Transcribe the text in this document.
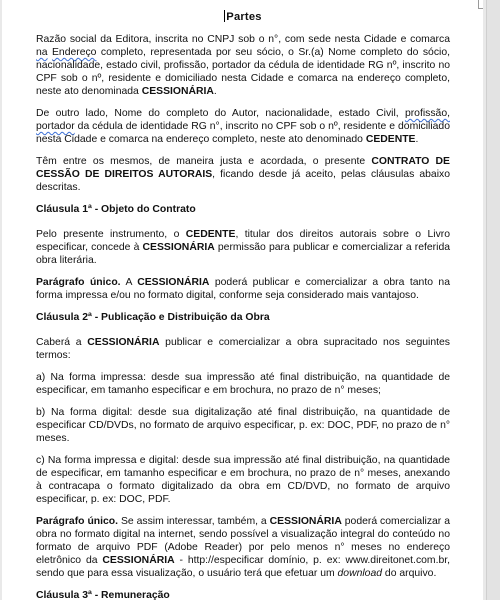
Partes

Razão social da Editora, inscrita no CNPJ sob o n°, com sede nesta Cidade e comarca na Endereço completo, representada por seu sócio, o Sr.(a) Nome completo do sócio, nacionalidade, estado civil, profissão, portador da cédula de identidade RG nº, inscrito no CPF sob o nº, residente e domiciliado nesta Cidade e comarca na endereço completo, neste ato denominada CESSIONÁRIA.

De outro lado, Nome do completo do Autor, nacionalidade, estado Civil, profissão, portador da cédula de identidade RG n°, inscrito no CPF sob o nº, residente e domiciliado nesta Cidade e comarca na endereço completo, neste ato denominado CEDENTE.

Têm entre os mesmos, de maneira justa e acordada, o presente CONTRATO DE CESSÃO DE DIREITOS AUTORAIS, ficando desde já aceito, pelas cláusulas abaixo descritas.

Cláusula 1ª - Objeto do Contrato

Pelo presente instrumento, o CEDENTE, titular dos direitos autorais sobre o Livro especificar, concede à CESSIONÁRIA permissão para publicar e comercializar a referida obra literária.

Parágrafo único. A CESSIONÁRIA poderá publicar e comercializar a obra tanto na forma impressa e/ou no formato digital, conforme seja considerado mais vantajoso.

Cláusula 2ª - Publicação e Distribuição da Obra

Caberá a CESSIONÁRIA publicar e comercializar a obra supracitado nos seguintes termos:

a) Na forma impressa: desde sua impressão até final distribuição, na quantidade de especificar, em tamanho especificar e em brochura, no prazo de n° meses;

b) Na forma digital: desde sua digitalização até final distribuição, na quantidade de especificar CD/DVDs, no formato de arquivo especificar, p. ex: DOC, PDF, no prazo de n° meses.

c) Na forma impressa e digital: desde sua impressão até final distribuição, na quantidade de especificar, em tamanho especificar e em brochura, no prazo de n° meses, anexando à contracapa o formato digitalizado da obra em CD/DVD, no formato de arquivo especificar, p. ex: DOC, PDF.

Parágrafo único. Se assim interessar, também, a CESSIONÁRIA poderá comercializar a obra no formato digital na internet, sendo possível a visualização integral do conteúdo no formato de arquivo PDF (Adobe Reader) por pelo menos n° meses no endereço eletrônico da CESSIONÁRIA - http://especificar domínio, p. ex: www.direitonet.com.br, sendo que para essa visualização, o usuário terá que efetuar um download do arquivo.

Cláusula 3ª - Remuneração
